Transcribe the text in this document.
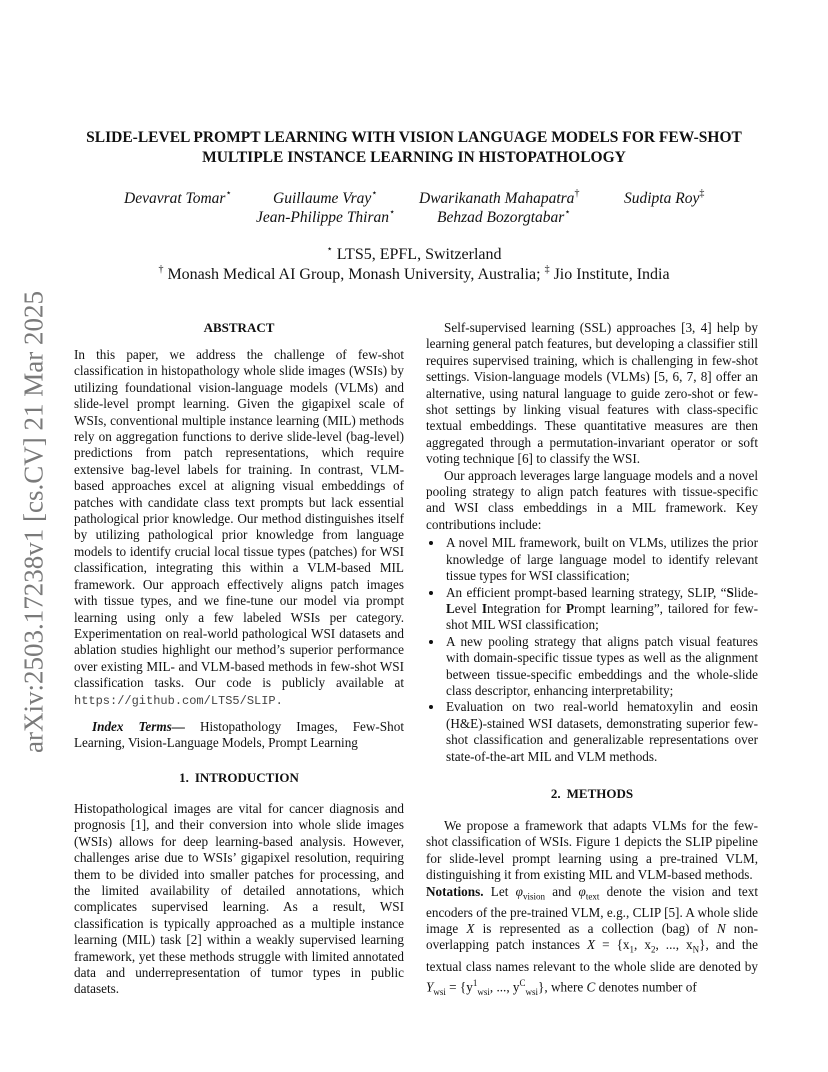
arXiv:2503.17238v1 [cs.CV] 21 Mar 2025
SLIDE-LEVEL PROMPT LEARNING WITH VISION LANGUAGE MODELS FOR FEW-SHOT
MULTIPLE INSTANCE LEARNING IN HISTOPATHOLOGY
Devavrat Tomar⋆	Guillaume Vray⋆	Dwarikanath Mahapatra†	Sudipta Roy‡
Jean-Philippe Thiran⋆	Behzad Bozorgtabar⋆
⋆ LTS5, EPFL, Switzerland
† Monash Medical AI Group, Monash University, Australia; ‡ Jio Institute, India
ABSTRACT

In this paper, we address the challenge of few-shot classification in histopathology whole slide images (WSIs) by utilizing foundational vision-language models (VLMs) and slide-level prompt learning. Given the gigapixel scale of WSIs, conventional multiple instance learning (MIL) methods rely on aggregation functions to derive slide-level (bag-level) predictions from patch representations, which require extensive bag-level labels for training. In contrast, VLM-based approaches excel at aligning visual embeddings of patches with candidate class text prompts but lack essential pathological prior knowledge. Our method distinguishes itself by utilizing pathological prior knowledge from language models to identify crucial local tissue types (patches) for WSI classification, integrating this within a VLM-based MIL framework. Our approach effectively aligns patch images with tissue types, and we fine-tune our model via prompt learning using only a few labeled WSIs per category. Experimentation on real-world pathological WSI datasets and ablation studies highlight our method’s superior performance over existing MIL- and VLM-based methods in few-shot WSI classification tasks. Our code is publicly available at https://github.com/LTS5/SLIP.

Index Terms— Histopathology Images, Few-Shot Learning, Vision-Language Models, Prompt Learning

1. INTRODUCTION

Histopathological images are vital for cancer diagnosis and prognosis [1], and their conversion into whole slide images (WSIs) allows for deep learning-based analysis. However, challenges arise due to WSIs’ gigapixel resolution, requiring them to be divided into smaller patches for processing, and the limited availability of detailed annotations, which complicates supervised learning. As a result, WSI classification is typically approached as a multiple instance learning (MIL) task [2] within a weakly supervised learning framework, yet these methods struggle with limited annotated data and underrepresentation of tumor types in public datasets.

Self-supervised learning (SSL) approaches [3, 4] help by learning general patch features, but developing a classifier still requires supervised training, which is challenging in few-shot settings. Vision-language models (VLMs) [5, 6, 7, 8] offer an alternative, using natural language to guide zero-shot or few-shot settings by linking visual features with class-specific textual embeddings. These quantitative measures are then aggregated through a permutation-invariant operator or soft voting technique [6] to classify the WSI.

Our approach leverages large language models and a novel pooling strategy to align patch features with tissue-specific and WSI class embeddings in a MIL framework. Key contributions include:

• A novel MIL framework, built on VLMs, utilizes the prior knowledge of large language model to identify relevant tissue types for WSI classification;
• An efficient prompt-based learning strategy, SLIP, “Slide-Level Integration for Prompt learning”, tailored for few-shot MIL WSI classification;
• A new pooling strategy that aligns patch visual features with domain-specific tissue types as well as the alignment between tissue-specific embeddings and the whole-slide class descriptor, enhancing interpretability;
• Evaluation on two real-world hematoxylin and eosin (H&E)-stained WSI datasets, demonstrating superior few-shot classification and generalizable representations over state-of-the-art MIL and VLM methods.
2. METHODS

We propose a framework that adapts VLMs for the few-shot classification of WSIs. Figure 1 depicts the SLIP pipeline for slide-level prompt learning using a pre-trained VLM, distinguishing it from existing MIL and VLM-based methods.

Notations. Let $\varphi_{vision}$ and $\varphi_{text}$ denote the vision and text encoders of the pre-trained VLM, e.g., CLIP [5]. A whole slide image X is represented as a collection (bag) of N non-overlapping patch instances $X = \{x_1$, $x_2$, ..., $x_N$}, and the textual class names relevant to the whole slide are denoted by $Y_{wsi} = \{y^1_{wsi}$, ..., $y^C_{wsi}$}, where C denotes number of
